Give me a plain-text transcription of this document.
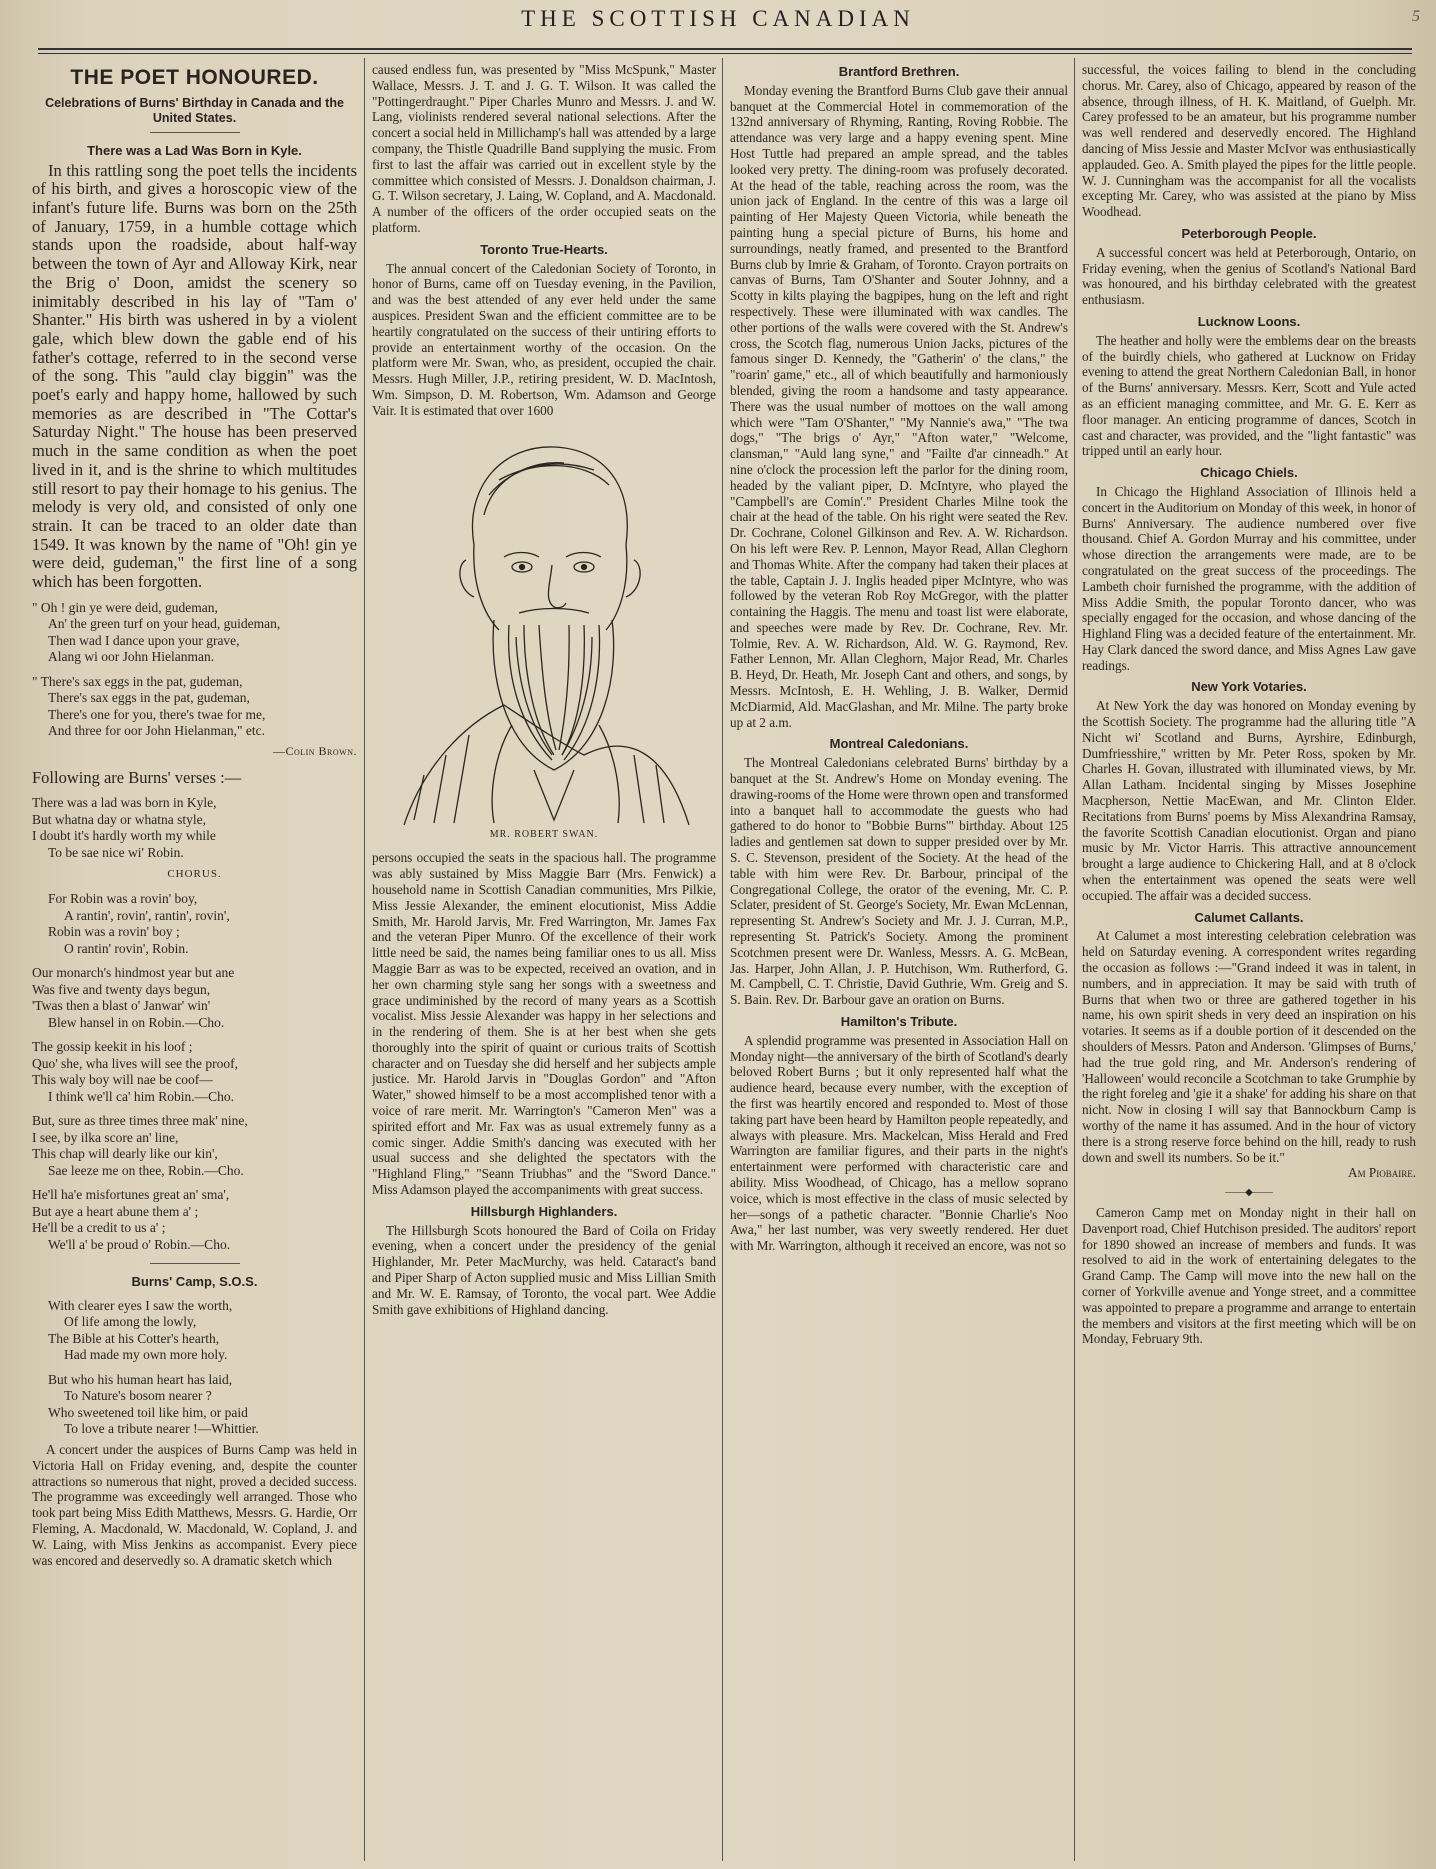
THE SCOTTISH CANADIAN	5
THE POET HONOURED.
Celebrations of Burns' Birthday in Canada and the United States.
There was a Lad Was Born in Kyle.

In this rattling song the poet tells the incidents of his birth, and gives a horoscopic view of the infant's future life. Burns was born on the 25th of January, 1759, in a humble cottage which stands upon the roadside, about half-way between the town of Ayr and Alloway Kirk, near the Brig o' Doon, amidst the scenery so inimitably described in his lay of "Tam o' Shanter." His birth was ushered in by a violent gale, which blew down the gable end of his father's cottage, referred to in the second verse of the song. This "auld clay biggin" was the poet's early and happy home, hallowed by such memories as are described in "The Cottar's Saturday Night." The house has been preserved much in the same condition as when the poet lived in it, and is the shrine to which multitudes still resort to pay their homage to his genius. The melody is very old, and consisted of only one strain. It can be traced to an older date than 1549. It was known by the name of "Oh! gin ye were deid, gudeman," the first line of a song which has been forgotten.

" Oh ! gin ye were deid, gudeman,
An' the green turf on your head, guideman,
Then wad I dance upon your grave,
Alang wi oor John Hielanman.
" There's sax eggs in the pat, gudeman,
There's sax eggs in the pat, gudeman,
There's one for you, there's twae for me,
And three for oor John Hielanman," etc.
—Colin Brown.
Following are Burns' verses :—
There was a lad was born in Kyle,
But whatna day or whatna style,
I doubt it's hardly worth my while
To be sae nice wi' Robin.
CHORUS.
For Robin was a rovin' boy,
A rantin', rovin', rantin', rovin',
Robin was a rovin' boy ;
O rantin' rovin', Robin.
Our monarch's hindmost year but ane
Was five and twenty days begun,
'Twas then a blast o' Janwar' win'
Blew hansel in on Robin.—Cho.
The gossip keekit in his loof ;
Quo' she, wha lives will see the proof,
This waly boy will nae be coof—
I think we'll ca' him Robin.—Cho.
But, sure as three times three mak' nine,
I see, by ilka score an' line,
This chap will dearly like our kin',
Sae leeze me on thee, Robin.—Cho.
He'll ha'e misfortunes great an' sma',
But aye a heart abune them a' ;
He'll be a credit to us a' ;
We'll a' be proud o' Robin.—Cho.
Burns' Camp, S.O.S.
With clearer eyes I saw the worth,
Of life among the lowly,
The Bible at his Cotter's hearth,
Had made my own more holy.
But who his human heart has laid,
To Nature's bosom nearer ?
Who sweetened toil like him, or paid
To love a tribute nearer !—Whittier.

A concert under the auspices of Burns Camp was held in Victoria Hall on Friday evening, and, despite the counter attractions so numerous that night, proved a decided success. The programme was exceedingly well arranged. Those who took part being Miss Edith Matthews, Messrs. G. Hardie, Orr Fleming, A. Macdonald, W. Macdonald, W. Copland, J. and W. Laing, with Miss Jenkins as accompanist. Every piece was encored and deservedly so. A dramatic sketch which

caused endless fun, was presented by "Miss McSpunk," Master Wallace, Messrs. J. T. and J. G. T. Wilson. It was called the "Pottingerdraught." Piper Charles Munro and Messrs. J. and W. Lang, violinists rendered several national selections. After the concert a social held in Millichamp's hall was attended by a large company, the Thistle Quadrille Band supplying the music. From first to last the affair was carried out in excellent style by the committee which consisted of Messrs. J. Donaldson chairman, J. G. T. Wilson secretary, J. Laing, W. Copland, and A. Macdonald. A number of the officers of the order occupied seats on the platform.

Toronto True-Hearts.

The annual concert of the Caledonian Society of Toronto, in honor of Burns, came off on Tuesday evening, in the Pavilion, and was the best attended of any ever held under the same auspices. President Swan and the efficient committee are to be heartily congratulated on the success of their untiring efforts to provide an entertainment worthy of the occasion. On the platform were Mr. Swan, who, as president, occupied the chair. Messrs. Hugh Miller, J.P., retiring president, W. D. MacIntosh, Wm. Simpson, D. M. Robertson, Wm. Adamson and George Vair. It is estimated that over 1600

MR. ROBERT SWAN.

persons occupied the seats in the spacious hall. The programme was ably sustained by Miss Maggie Barr (Mrs. Fenwick) a household name in Scottish Canadian communities, Mrs Pilkie, Miss Jessie Alexander, the eminent elocutionist, Miss Addie Smith, Mr. Harold Jarvis, Mr. Fred Warrington, Mr. James Fax and the veteran Piper Munro. Of the excellence of their work little need be said, the names being familiar ones to us all. Miss Maggie Barr as was to be expected, received an ovation, and in her own charming style sang her songs with a sweetness and grace undiminished by the record of many years as a Scottish vocalist. Miss Jessie Alexander was happy in her selections and in the rendering of them. She is at her best when she gets thoroughly into the spirit of quaint or curious traits of Scottish character and on Tuesday she did herself and her subjects ample justice. Mr. Harold Jarvis in "Douglas Gordon" and "Afton Water," showed himself to be a most accomplished tenor with a voice of rare merit. Mr. Warrington's "Cameron Men" was a spirited effort and Mr. Fax was as usual extremely funny as a comic singer. Addie Smith's dancing was executed with her usual success and she delighted the spectators with the "Highland Fling," "Seann Triubhas" and the "Sword Dance." Miss Adamson played the accompaniments with great success.

Hillsburgh Highlanders.

The Hillsburgh Scots honoured the Bard of Coila on Friday evening, when a concert under the presidency of the genial Highlander, Mr. Peter MacMurchy, was held. Cataract's band and Piper Sharp of Acton supplied music and Miss Lillian Smith and Mr. W. E. Ramsay, of Toronto, the vocal part. Wee Addie Smith gave exhibitions of Highland dancing.

Brantford Brethren.

Monday evening the Brantford Burns Club gave their annual banquet at the Commercial Hotel in commemoration of the 132nd anniversary of Rhyming, Ranting, Roving Robbie. The attendance was very large and a happy evening spent. Mine Host Tuttle had prepared an ample spread, and the tables looked very pretty. The dining-room was profusely decorated. At the head of the table, reaching across the room, was the union jack of England. In the centre of this was a large oil painting of Her Majesty Queen Victoria, while beneath the painting hung a special picture of Burns, his home and surroundings, neatly framed, and presented to the Brantford Burns club by Imrie & Graham, of Toronto. Crayon portraits on canvas of Burns, Tam O'Shanter and Souter Johnny, and a Scotty in kilts playing the bagpipes, hung on the left and right respectively. These were illuminated with wax candles. The other portions of the walls were covered with the St. Andrew's cross, the Scotch flag, numerous Union Jacks, pictures of the famous singer D. Kennedy, the "Gatherin' o' the clans," the "roarin' game," etc., all of which beautifully and harmoniously blended, giving the room a handsome and tasty appearance. There was the usual number of mottoes on the wall among which were "Tam O'Shanter," "My Nannie's awa," "The twa dogs," "The brigs o' Ayr," "Afton water," "Welcome, clansman," "Auld lang syne," and "Failte d'ar cinneadh." At nine o'clock the procession left the parlor for the dining room, headed by the valiant piper, D. McIntyre, who played the "Campbell's are Comin'." President Charles Milne took the chair at the head of the table. On his right were seated the Rev. Dr. Cochrane, Colonel Gilkinson and Rev. A. W. Richardson. On his left were Rev. P. Lennon, Mayor Read, Allan Cleghorn and Thomas White. After the company had taken their places at the table, Captain J. J. Inglis headed piper McIntyre, who was followed by the veteran Rob Roy McGregor, with the platter containing the Haggis. The menu and toast list were elaborate, and speeches were made by Rev. Dr. Cochrane, Rev. Mr. Tolmie, Rev. A. W. Richardson, Ald. W. G. Raymond, Rev. Father Lennon, Mr. Allan Cleghorn, Major Read, Mr. Charles B. Heyd, Dr. Heath, Mr. Joseph Cant and others, and songs, by Messrs. McIntosh, E. H. Wehling, J. B. Walker, Dermid McDiarmid, Ald. MacGlashan, and Mr. Milne. The party broke up at 2 a.m.

Montreal Caledonians.

The Montreal Caledonians celebrated Burns' birthday by a banquet at the St. Andrew's Home on Monday evening. The drawing-rooms of the Home were thrown open and transformed into a banquet hall to accommodate the guests who had gathered to do honor to "Bobbie Burns'" birthday. About 125 ladies and gentlemen sat down to supper presided over by Mr. S. C. Stevenson, president of the Society. At the head of the table with him were Rev. Dr. Barbour, principal of the Congregational College, the orator of the evening, Mr. C. P. Sclater, president of St. George's Society, Mr. Ewan McLennan, representing St. Andrew's Society and Mr. J. J. Curran, M.P., representing St. Patrick's Society. Among the prominent Scotchmen present were Dr. Wanless, Messrs. A. G. McBean, Jas. Harper, John Allan, J. P. Hutchison, Wm. Rutherford, G. M. Campbell, C. T. Christie, David Guthrie, Wm. Greig and S. S. Bain. Rev. Dr. Barbour gave an oration on Burns.

Hamilton's Tribute.

A splendid programme was presented in Association Hall on Monday night—the anniversary of the birth of Scotland's dearly beloved Robert Burns ; but it only represented half what the audience heard, because every number, with the exception of the first was heartily encored and responded to. Most of those taking part have been heard by Hamilton people repeatedly, and always with pleasure. Mrs. Mackelcan, Miss Herald and Fred Warrington are familiar figures, and their parts in the night's entertainment were performed with characteristic care and ability. Miss Woodhead, of Chicago, has a mellow soprano voice, which is most effective in the class of music selected by her—songs of a pathetic character. "Bonnie Charlie's Noo Awa," her last number, was very sweetly rendered. Her duet with Mr. Warrington, although it received an encore, was not so

successful, the voices failing to blend in the concluding chorus. Mr. Carey, also of Chicago, appeared by reason of the absence, through illness, of H. K. Maitland, of Guelph. Mr. Carey professed to be an amateur, but his programme number was well rendered and deservedly encored. The Highland dancing of Miss Jessie and Master McIvor was enthusiastically applauded. Geo. A. Smith played the pipes for the little people. W. J. Cunningham was the accompanist for all the vocalists excepting Mr. Carey, who was assisted at the piano by Miss Woodhead.

Peterborough People.

A successful concert was held at Peterborough, Ontario, on Friday evening, when the genius of Scotland's National Bard was honoured, and his birthday celebrated with the greatest enthusiasm.

Lucknow Loons.

The heather and holly were the emblems dear on the breasts of the buirdly chiels, who gathered at Lucknow on Friday evening to attend the great Northern Caledonian Ball, in honor of the Burns' anniversary. Messrs. Kerr, Scott and Yule acted as an efficient managing committee, and Mr. G. E. Kerr as floor manager. An enticing programme of dances, Scotch in cast and character, was provided, and the "light fantastic" was tripped until an early hour.

Chicago Chiels.

In Chicago the Highland Association of Illinois held a concert in the Auditorium on Monday of this week, in honor of Burns' Anniversary. The audience numbered over five thousand. Chief A. Gordon Murray and his committee, under whose direction the arrangements were made, are to be congratulated on the great success of the proceedings. The Lambeth choir furnished the programme, with the addition of Miss Addie Smith, the popular Toronto dancer, who was specially engaged for the occasion, and whose dancing of the Highland Fling was a decided feature of the entertainment. Mr. Hay Clark danced the sword dance, and Miss Agnes Law gave readings.

New York Votaries.

At New York the day was honored on Monday evening by the Scottish Society. The programme had the alluring title "A Nicht wi' Scotland and Burns, Ayrshire, Edinburgh, Dumfriesshire," written by Mr. Peter Ross, spoken by Mr. Charles H. Govan, illustrated with illuminated views, by Mr. Allan Latham. Incidental singing by Misses Josephine Macpherson, Nettie MacEwan, and Mr. Clinton Elder. Recitations from Burns' poems by Miss Alexandrina Ramsay, the favorite Scottish Canadian elocutionist. Organ and piano music by Mr. Victor Harris. This attractive announcement brought a large audience to Chickering Hall, and at 8 o'clock when the entertainment was opened the seats were well occupied. The affair was a decided success.

Calumet Callants.

At Calumet a most interesting celebration celebration was held on Saturday evening. A correspondent writes regarding the occasion as follows :—"Grand indeed it was in talent, in numbers, and in appreciation. It may be said with truth of Burns that when two or three are gathered together in his name, his own spirit sheds in very deed an inspiration on his votaries. It seems as if a double portion of it descended on the shoulders of Messrs. Paton and Anderson. 'Glimpses of Burns,' had the true gold ring, and Mr. Anderson's rendering of 'Halloween' would reconcile a Scotchman to take Grumphie by the right foreleg and 'gie it a shake' for adding his share on that nicht. Now in closing I will say that Bannockburn Camp is worthy of the name it has assumed. And in the hour of victory there is a strong reserve force behind on the hill, ready to rush down and swell its numbers. So be it."

Am Piobaire.
——◆——

Cameron Camp met on Monday night in their hall on Davenport road, Chief Hutchison presided. The auditors' report for 1890 showed an increase of members and funds. It was resolved to aid in the work of entertaining delegates to the Grand Camp. The Camp will move into the new hall on the corner of Yorkville avenue and Yonge street, and a committee was appointed to prepare a programme and arrange to entertain the members and visitors at the first meeting which will be on Monday, February 9th.
